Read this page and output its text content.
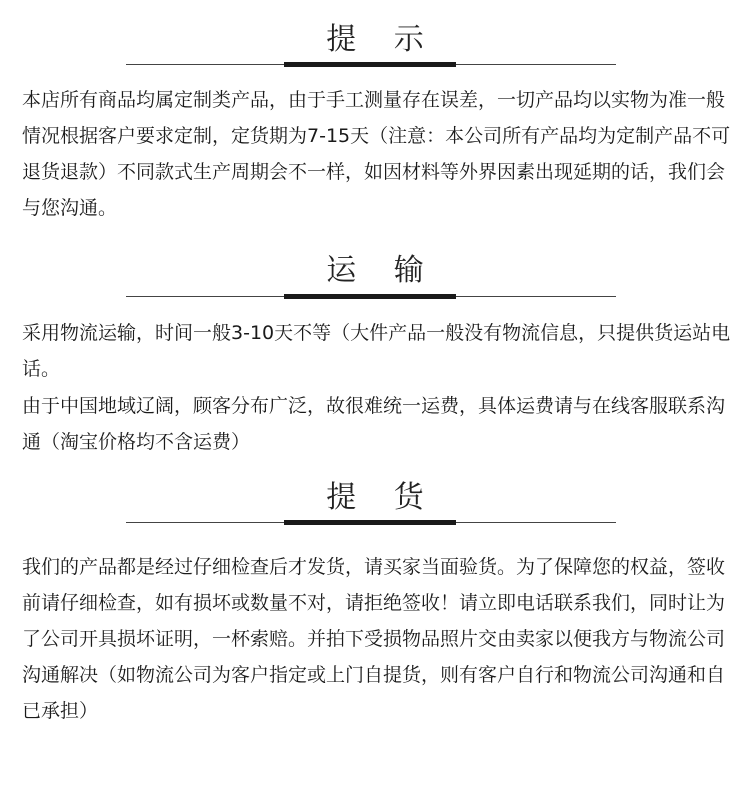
提 示

本店所有商品均属定制类产品，由于手工测量存在误差，一切产品均以实物为准一般情况根据客户要求定制，定货期为7-15天（注意：本公司所有产品均为定制产品不可退货退款）不同款式生产周期会不一样，如因材料等外界因素出现延期的话，我们会与您沟通。

运 输

采用物流运输，时间一般3-10天不等（大件产品一般没有物流信息，只提供货运站电话。

由于中国地域辽阔，顾客分布广泛，故很难统一运费，具体运费请与在线客服联系沟通（淘宝价格均不含运费）

提 货

我们的产品都是经过仔细检查后才发货，请买家当面验货。为了保障您的权益，签收前请仔细检查，如有损坏或数量不对，请拒绝签收！请立即电话联系我们，同时让为了公司开具损坏证明，一杯索赔。并拍下受损物品照片交由卖家以便我方与物流公司沟通解决（如物流公司为客户指定或上门自提货，则有客户自行和物流公司沟通和自已承担）
